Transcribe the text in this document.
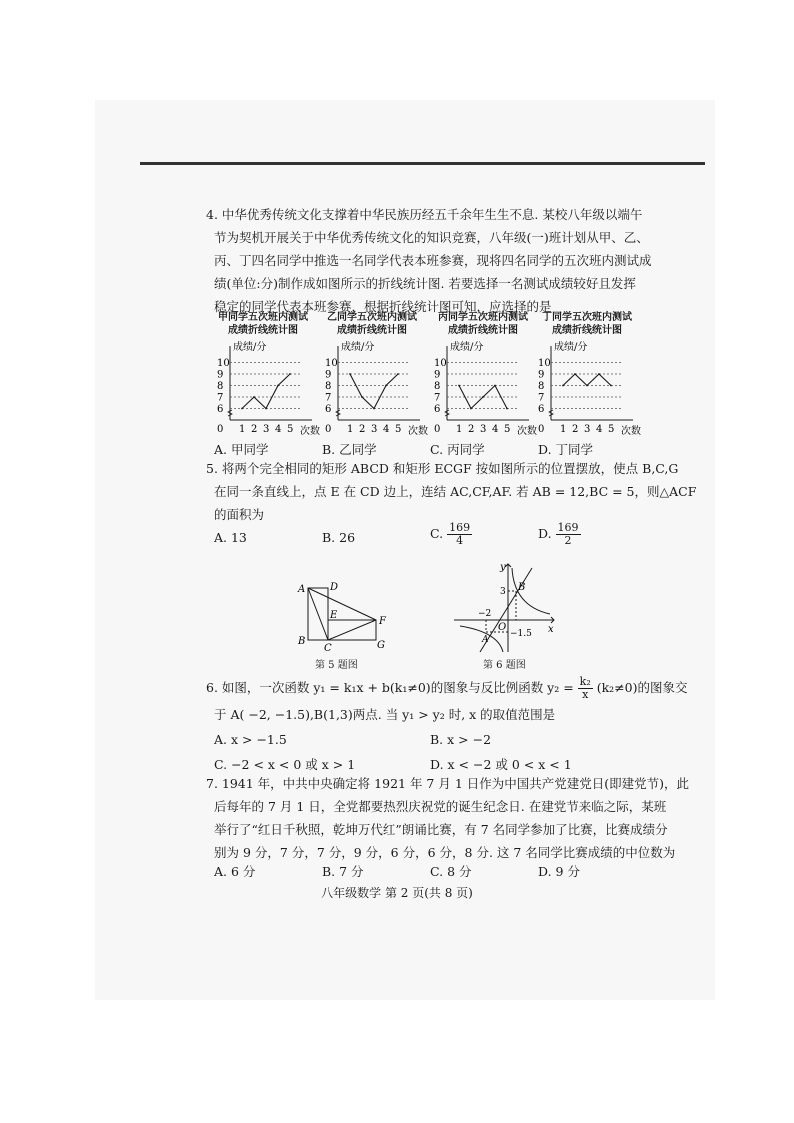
4. 中华优秀传统文化支撑着中华民族历经五千余年生生不息. 某校八年级以端午
节为契机开展关于中华优秀传统文化的知识竞赛，八年级(一)班计划从甲、乙、
丙、丁四名同学中推选一名同学代表本班参赛，现将四名同学的五次班内测试成
绩(单位:分)制作成如图所示的折线统计图. 若要选择一名测试成绩较好且发挥
稳定的同学代表本班参赛，根据折线统计图可知，应选择的是
甲同学五次班内测试
成绩折线统计图
乙同学五次班内测试
成绩折线统计图
丙同学五次班内测试
成绩折线统计图
丁同学五次班内测试
成绩折线统计图
6
7
8
9
10
0 1 2 3 4 5
成绩/分
次数
6
7
8
9
10
0 1 2 3 4 5
成绩/分
次数
6
7
8
9
10
0 1 2 3 4 5
成绩/分
次数
6
7
8
9
10
0 1 2 3 4 5
成绩/分
次数
A. 甲同学	B. 乙同学	C. 丙同学	D. 丁同学
5. 将两个完全相同的矩形 ABCD 和矩形 ECGF 按如图所示的位置摆放，使点 B,C,G
在同一条直线上，点 E 在 CD 边上，连结 AC,CF,AF. 若 AB = 12,BC = 5，则△ACF
的面积为
A. 13	B. 26	C. $\frac{169}{4}$	D. $\frac{169}{2}$
A D
E
F
B
C	G
第 5 题图
y
x
O
B
A
3
−2
−1.5
第 6 题图
6. 如图，一次函数 y₁ = k₁x + b(k₁≠0)的图象与反比例函数 $y_2 = \frac{\text{k₂}}{x} (k_2\ne 0)$的图象交
于 A( −2, −1.5),B(1,3)两点. 当 y₁ > y₂ 时, x 的取值范围是
A. x > −1.5	B. x > −2
C. −2 < x < 0 或 x > 1	D. x < −2 或 0 < x < 1
7. 1941 年，中共中央确定将 1921 年 7 月 1 日作为中国共产党建党日(即建党节)，此
后每年的 7 月 1 日，全党都要热烈庆祝党的诞生纪念日. 在建党节来临之际，某班
举行了“红日千秋照，乾坤万代红”朗诵比赛，有 7 名同学参加了比赛，比赛成绩分
别为 9 分，7 分，7 分，9 分，6 分，6 分，8 分. 这 7 名同学比赛成绩的中位数为
A. 6 分	B. 7 分	C. 8 分	D. 9 分
八年级数学 第 2 页(共 8 页)
